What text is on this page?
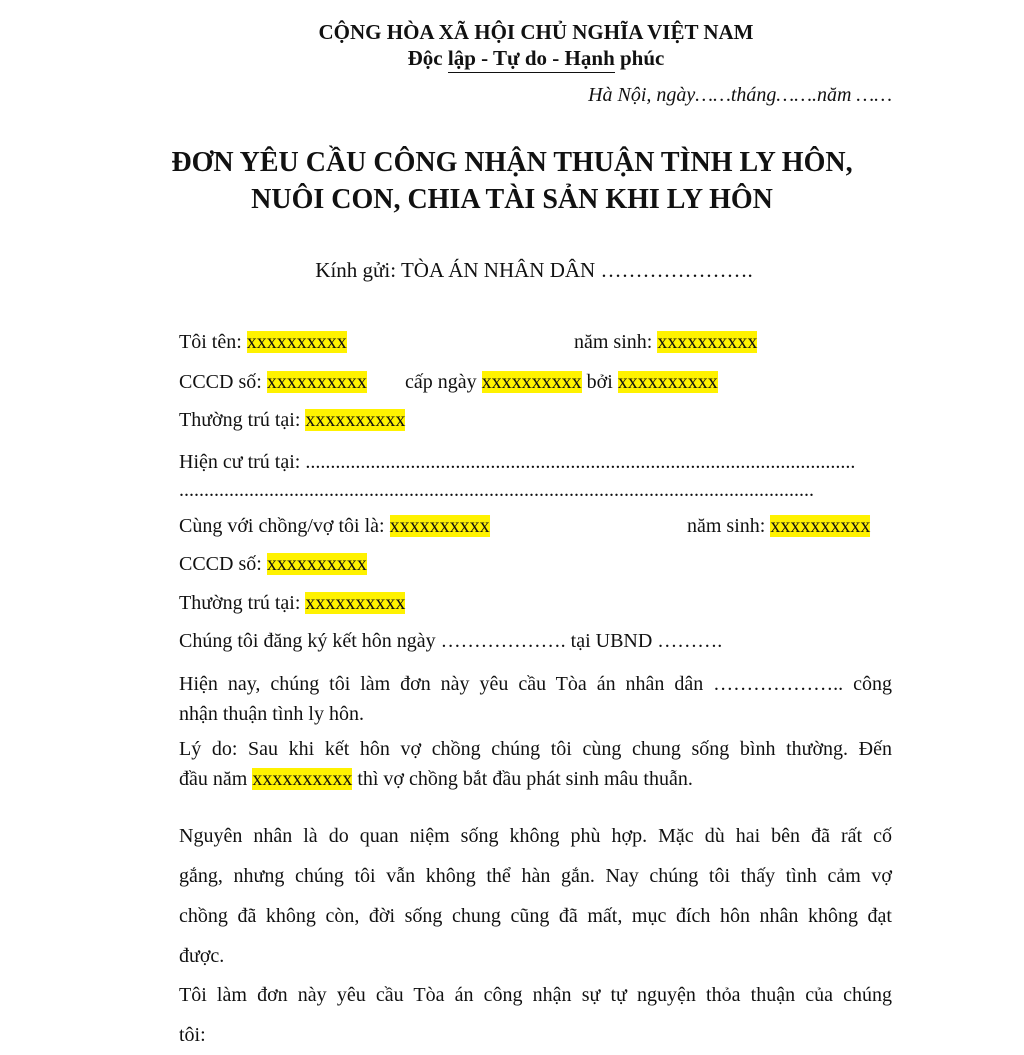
CỘNG HÒA XÃ HỘI CHỦ NGHĨA VIỆT NAM
Độc lập - Tự do - Hạnh phúc
Hà Nội, ngày……tháng…….năm ……
ĐƠN YÊU CẦU CÔNG NHẬN THUẬN TÌNH LY HÔN,
NUÔI CON, CHIA TÀI SẢN KHI LY HÔN
Kính gửi: TÒA ÁN NHÂN DÂN ………………….
Tôi tên: xxxxxxxxxx	năm sinh: xxxxxxxxxx
CCCD số: xxxxxxxxxx cấp ngày xxxxxxxxxx bởi xxxxxxxxxx
Thường trú tại: xxxxxxxxxx
Hiện cư trú tại: ..............................................................................................................
...............................................................................................................................
Cùng với chồng/vợ tôi là: xxxxxxxxxx	năm sinh: xxxxxxxxxx
CCCD số: xxxxxxxxxx
Thường trú tại: xxxxxxxxxx
Chúng tôi đăng ký kết hôn ngày ………………. tại UBND ……….
Hiện nay, chúng tôi làm đơn này yêu cầu Tòa án nhân dân ……………….. công
nhận thuận tình ly hôn.
Lý do: Sau khi kết hôn vợ chồng chúng tôi cùng chung sống bình thường. Đến
đầu năm xxxxxxxxxx thì vợ chồng bắt đầu phát sinh mâu thuẫn.
Nguyên nhân là do quan niệm sống không phù hợp. Mặc dù hai bên đã rất cố
gắng, nhưng chúng tôi vẫn không thể hàn gắn. Nay chúng tôi thấy tình cảm vợ
chồng đã không còn, đời sống chung cũng đã mất, mục đích hôn nhân không đạt
được.
Tôi làm đơn này yêu cầu Tòa án công nhận sự tự nguyện thỏa thuận của chúng
tôi:
